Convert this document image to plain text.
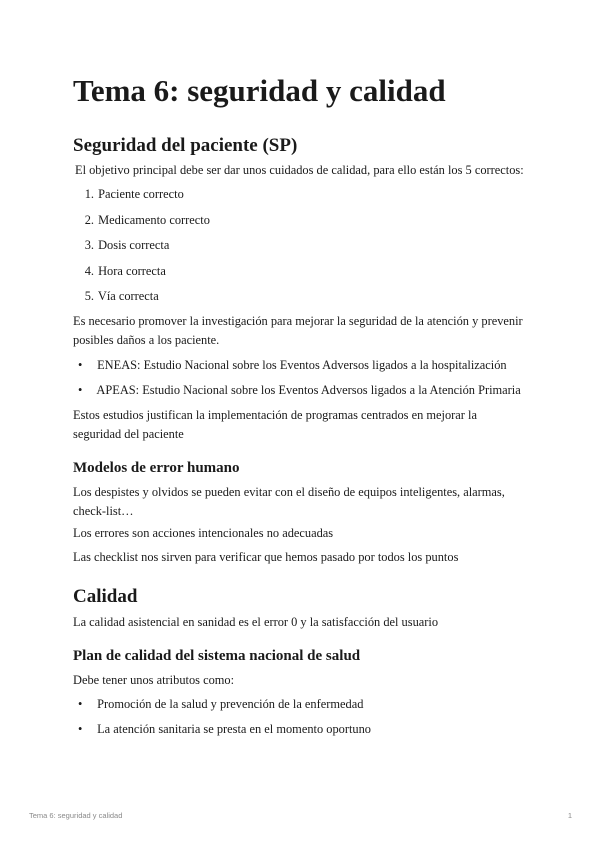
Tema 6: seguridad y calidad
Seguridad del paciente (SP)

El objetivo principal debe ser dar unos cuidados de calidad, para ello están los 5 correctos:

1. Paciente correcto
2. Medicamento correcto
3. Dosis correcta
4. Hora correcta
5. Vía correcta

Es necesario promover la investigación para mejorar la seguridad de la atención y prevenir posibles daños a los paciente.

• ENEAS: Estudio Nacional sobre los Eventos Adversos ligados a la hospitalización
• APEAS: Estudio Nacional sobre los Eventos Adversos ligados a la Atención Primaria

Estos estudios justifican la implementación de programas centrados en mejorar la seguridad del paciente

Modelos de error humano

Los despistes y olvidos se pueden evitar con el diseño de equipos inteligentes, alarmas, check-list…

Los errores son acciones intencionales no adecuadas

Las checklist nos sirven para verificar que hemos pasado por todos los puntos

Calidad

La calidad asistencial en sanidad es el error 0 y la satisfacción del usuario

Plan de calidad del sistema nacional de salud

Debe tener unos atributos como:

• Promoción de la salud y prevención de la enfermedad
• La atención sanitaria se presta en el momento oportuno
Tema 6: seguridad y calidad	1
